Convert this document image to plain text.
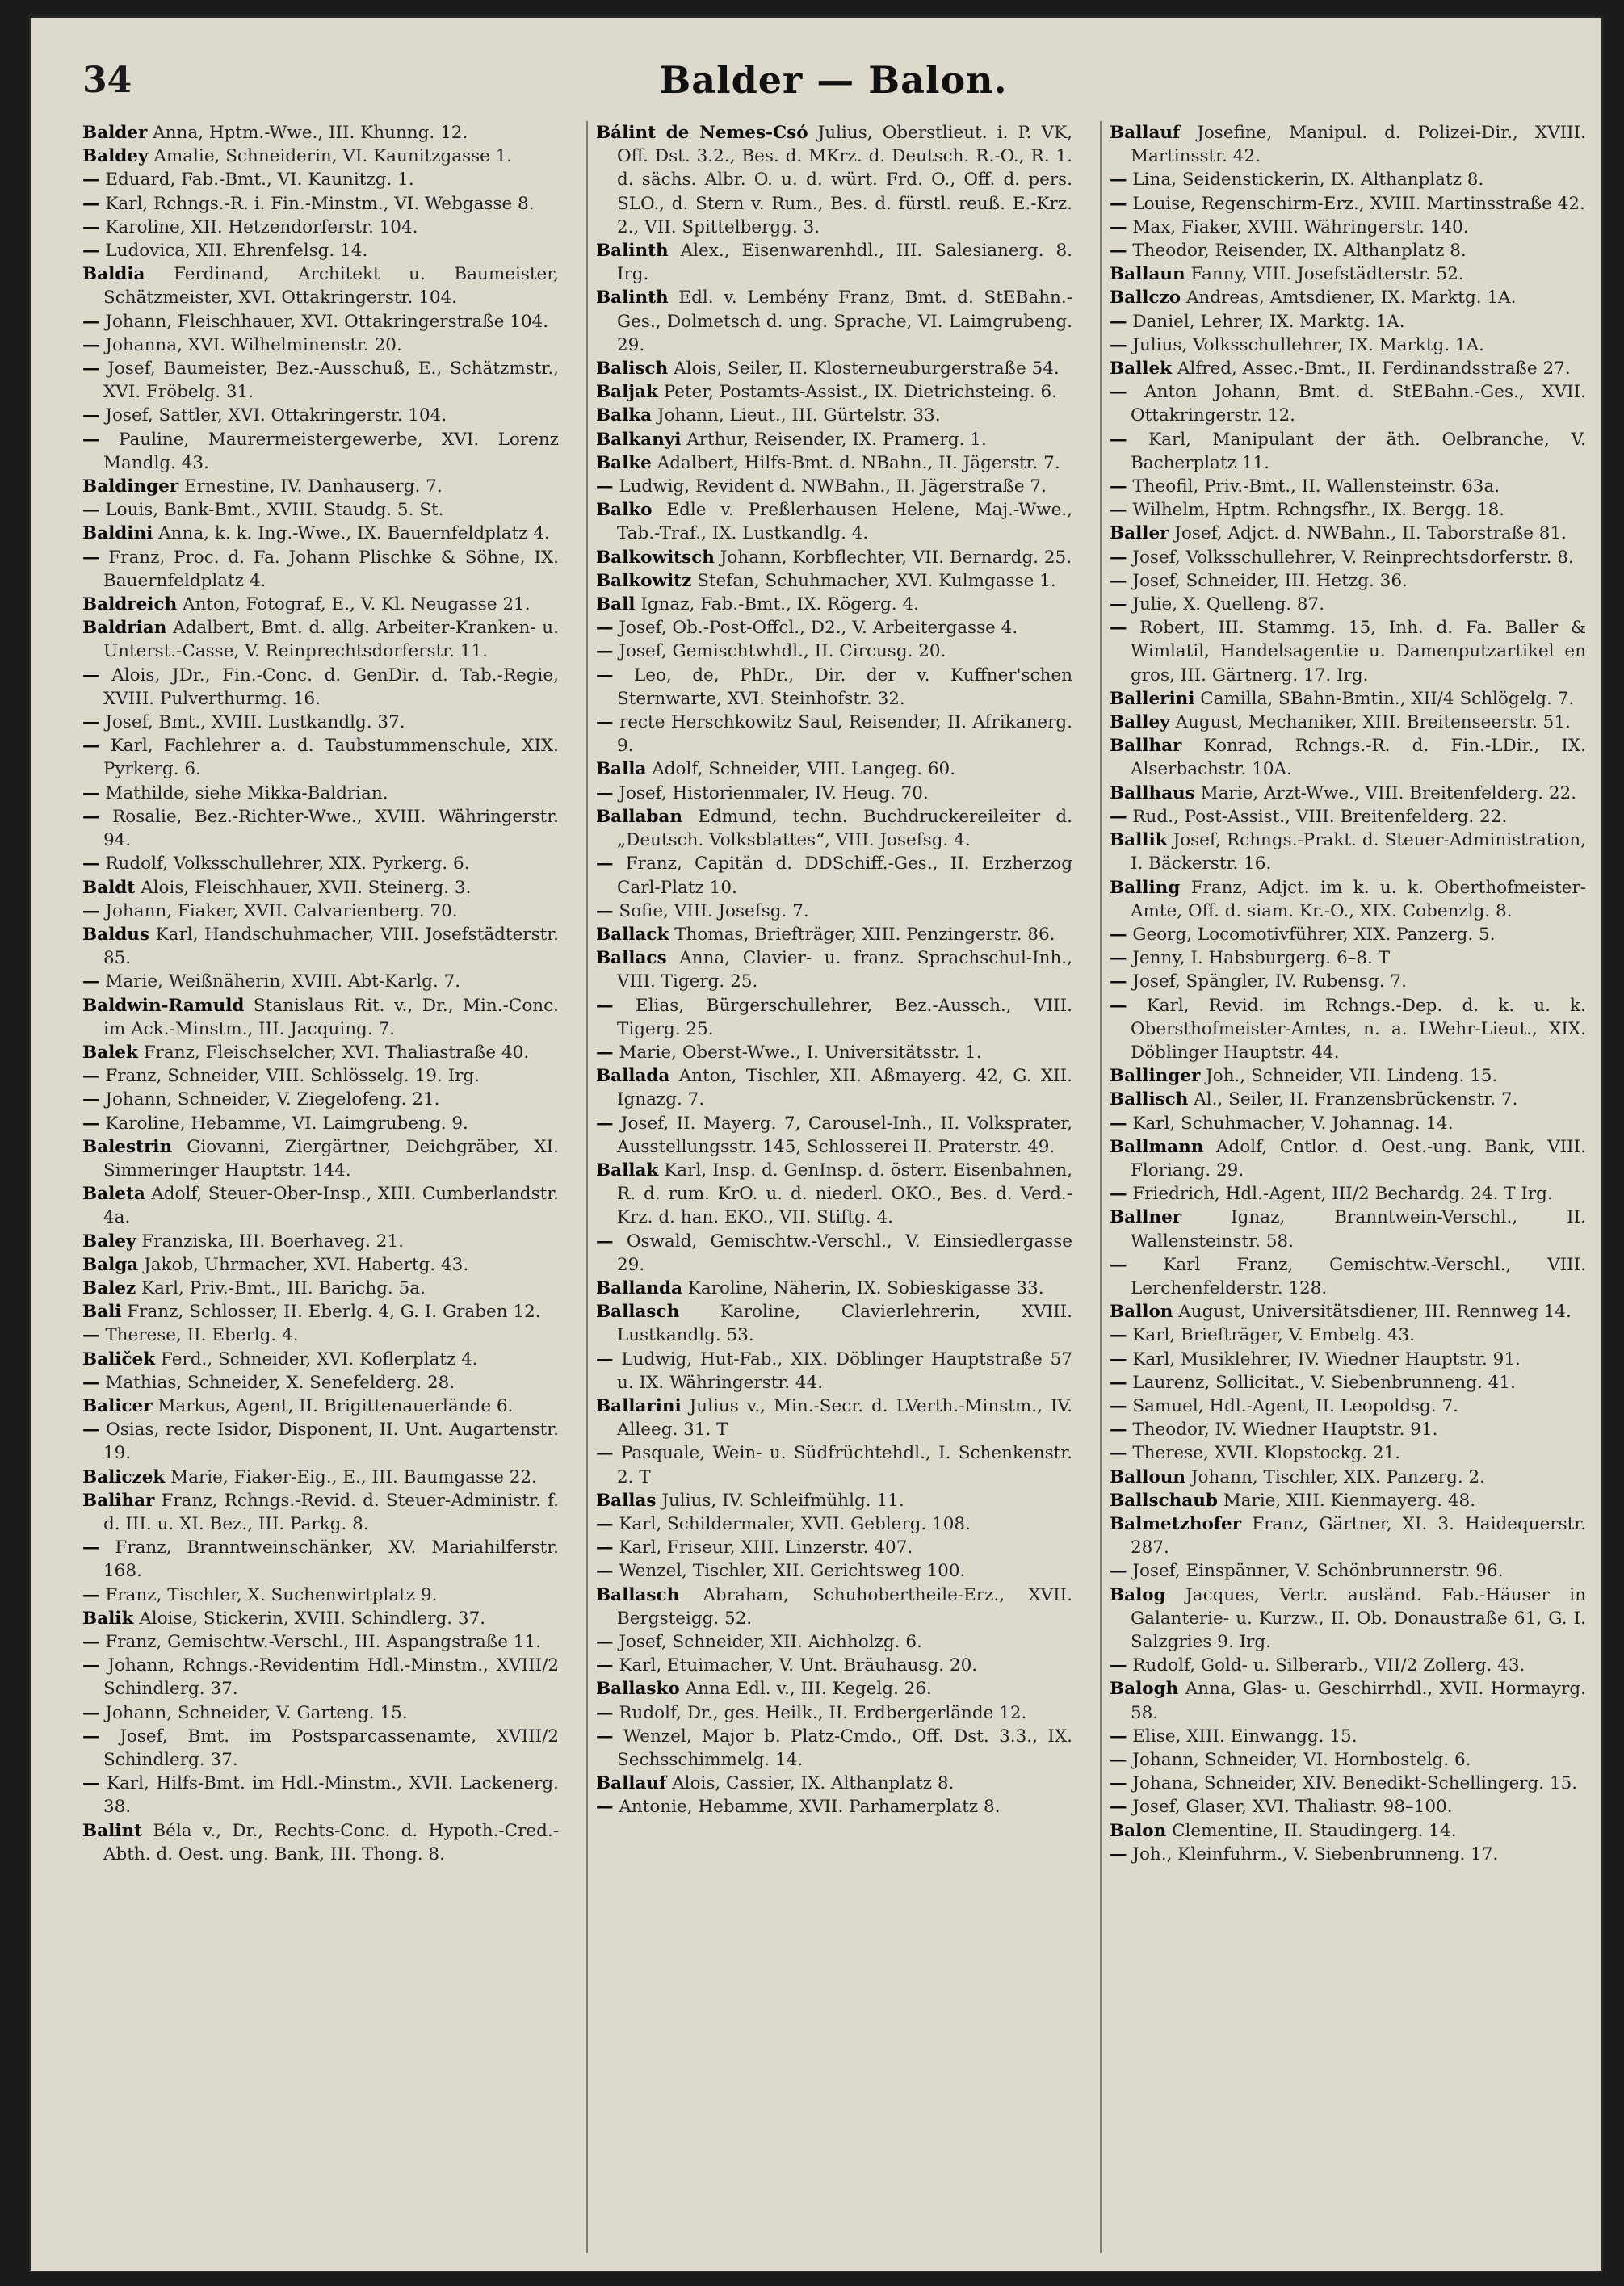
34	Balder — Balon.
Balder Anna, Hptm.-Wwe., III. Khunng. 12.
Baldey Amalie, Schneiderin, VI. Kaunitzgasse 1.
— Eduard, Fab.-Bmt., VI. Kaunitzg. 1.
— Karl, Rchngs.-R. i. Fin.-Minstm., VI. Webgasse 8.
— Karoline, XII. Hetzendorferstr. 104.
— Ludovica, XII. Ehrenfelsg. 14.
Baldia Ferdinand, Architekt u. Baumeister, Schätzmeister, XVI. Ottakringerstr. 104.
— Johann, Fleischhauer, XVI. Ottakringerstraße 104.
— Johanna, XVI. Wilhelminenstr. 20.
— Josef, Baumeister, Bez.-Ausschuß, E., Schätzmstr., XVI. Fröbelg. 31.
— Josef, Sattler, XVI. Ottakringerstr. 104.
— Pauline, Maurermeistergewerbe, XVI. Lorenz Mandlg. 43.
Baldinger Ernestine, IV. Danhauserg. 7.
— Louis, Bank-Bmt., XVIII. Staudg. 5. St.
Baldini Anna, k. k. Ing.-Wwe., IX. Bauernfeldplatz 4.
— Franz, Proc. d. Fa. Johann Plischke & Söhne, IX. Bauernfeldplatz 4.
Baldreich Anton, Fotograf, E., V. Kl. Neugasse 21.
Baldrian Adalbert, Bmt. d. allg. Arbeiter-Kranken- u. Unterst.-Casse, V. Reinprechtsdorferstr. 11.
— Alois, JDr., Fin.-Conc. d. GenDir. d. Tab.-Regie, XVIII. Pulverthurmg. 16.
— Josef, Bmt., XVIII. Lustkandlg. 37.
— Karl, Fachlehrer a. d. Taubstummenschule, XIX. Pyrkerg. 6.
— Mathilde, siehe Mikka-Baldrian.
— Rosalie, Bez.-Richter-Wwe., XVIII. Währingerstr. 94.
— Rudolf, Volksschullehrer, XIX. Pyrkerg. 6.
Baldt Alois, Fleischhauer, XVII. Steinerg. 3.
— Johann, Fiaker, XVII. Calvarienberg. 70.
Baldus Karl, Handschuhmacher, VIII. Josefstädterstr. 85.
— Marie, Weißnäherin, XVIII. Abt-Karlg. 7.
Baldwin-Ramuld Stanislaus Rit. v., Dr., Min.-Conc. im Ack.-Minstm., III. Jacquing. 7.
Balek Franz, Fleischselcher, XVI. Thaliastraße 40.
— Franz, Schneider, VIII. Schlösselg. 19. Irg.
— Johann, Schneider, V. Ziegelofeng. 21.
— Karoline, Hebamme, VI. Laimgrubeng. 9.
Balestrin Giovanni, Ziergärtner, Deichgräber, XI. Simmeringer Hauptstr. 144.
Baleta Adolf, Steuer-Ober-Insp., XIII. Cumberlandstr. 4a.
Baley Franziska, III. Boerhaveg. 21.
Balga Jakob, Uhrmacher, XVI. Habertg. 43.
Balez Karl, Priv.-Bmt., III. Barichg. 5a.
Bali Franz, Schlosser, II. Eberlg. 4, G. I. Graben 12.
— Therese, II. Eberlg. 4.
Baliček Ferd., Schneider, XVI. Koflerplatz 4.
— Mathias, Schneider, X. Senefelderg. 28.
Balicer Markus, Agent, II. Brigittenauerlände 6.
— Osias, recte Isidor, Disponent, II. Unt. Augartenstr. 19.
Baliczek Marie, Fiaker-Eig., E., III. Baumgasse 22.
Balihar Franz, Rchngs.-Revid. d. Steuer-Administr. f. d. III. u. XI. Bez., III. Parkg. 8.
— Franz, Branntweinschänker, XV. Mariahilferstr. 168.
— Franz, Tischler, X. Suchenwirtplatz 9.
Balik Aloise, Stickerin, XVIII. Schindlerg. 37.
— Franz, Gemischtw.-Verschl., III. Aspangstraße 11.
— Johann, Rchngs.-Revidentim Hdl.-Minstm., XVIII/2 Schindlerg. 37.
— Johann, Schneider, V. Garteng. 15.
— Josef, Bmt. im Postsparcassenamte, XVIII/2 Schindlerg. 37.
— Karl, Hilfs-Bmt. im Hdl.-Minstm., XVII. Lackenerg. 38.
Balint Béla v., Dr., Rechts-Conc. d. Hypoth.-Cred.-Abth. d. Oest. ung. Bank, III. Thong. 8.
Bálint de Nemes-Csó Julius, Oberstlieut. i. P. VK, Off. Dst. 3.2., Bes. d. MKrz. d. Deutsch. R.-O., R. 1. d. sächs. Albr. O. u. d. würt. Frd. O., Off. d. pers. SLO., d. Stern v. Rum., Bes. d. fürstl. reuß. E.-Krz. 2., VII. Spittelbergg. 3.
Balinth Alex., Eisenwarenhdl., III. Salesianerg. 8. Irg.
Balinth Edl. v. Lembény Franz, Bmt. d. StEBahn.-Ges., Dolmetsch d. ung. Sprache, VI. Laimgrubeng. 29.
Balisch Alois, Seiler, II. Klosterneuburgerstraße 54.
Baljak Peter, Postamts-Assist., IX. Dietrichsteing. 6.
Balka Johann, Lieut., III. Gürtelstr. 33.
Balkanyi Arthur, Reisender, IX. Pramerg. 1.
Balke Adalbert, Hilfs-Bmt. d. NBahn., II. Jägerstr. 7.
— Ludwig, Revident d. NWBahn., II. Jägerstraße 7.
Balko Edle v. Preßlerhausen Helene, Maj.-Wwe., Tab.-Traf., IX. Lustkandlg. 4.
Balkowitsch Johann, Korbflechter, VII. Bernardg. 25.
Balkowitz Stefan, Schuhmacher, XVI. Kulmgasse 1.
Ball Ignaz, Fab.-Bmt., IX. Rögerg. 4.
— Josef, Ob.-Post-Offcl., D2., V. Arbeitergasse 4.
— Josef, Gemischtwhdl., II. Circusg. 20.
— Leo, de, PhDr., Dir. der v. Kuffner'schen Sternwarte, XVI. Steinhofstr. 32.
— recte Herschkowitz Saul, Reisender, II. Afrikanerg. 9.
Balla Adolf, Schneider, VIII. Langeg. 60.
— Josef, Historienmaler, IV. Heug. 70.
Ballaban Edmund, techn. Buchdruckereileiter d. „Deutsch. Volksblattes“, VIII. Josefsg. 4.
— Franz, Capitän d. DDSchiff.-Ges., II. Erzherzog Carl-Platz 10.
— Sofie, VIII. Josefsg. 7.
Ballack Thomas, Briefträger, XIII. Penzingerstr. 86.
Ballacs Anna, Clavier- u. franz. Sprachschul-Inh., VIII. Tigerg. 25.
— Elias, Bürgerschullehrer, Bez.-Aussch., VIII. Tigerg. 25.
— Marie, Oberst-Wwe., I. Universitätsstr. 1.
Ballada Anton, Tischler, XII. Aßmayerg. 42, G. XII. Ignazg. 7.
— Josef, II. Mayerg. 7, Carousel-Inh., II. Volksprater, Ausstellungsstr. 145, Schlosserei II. Praterstr. 49.
Ballak Karl, Insp. d. GenInsp. d. österr. Eisenbahnen, R. d. rum. KrO. u. d. niederl. OKO., Bes. d. Verd.-Krz. d. han. EKO., VII. Stiftg. 4.
— Oswald, Gemischtw.-Verschl., V. Einsiedlergasse 29.
Ballanda Karoline, Näherin, IX. Sobieskigasse 33.
Ballasch Karoline, Clavierlehrerin, XVIII. Lustkandlg. 53.
— Ludwig, Hut-Fab., XIX. Döblinger Hauptstraße 57 u. IX. Währingerstr. 44.
Ballarini Julius v., Min.-Secr. d. LVerth.-Minstm., IV. Alleeg. 31. T
— Pasquale, Wein- u. Südfrüchtehdl., I. Schenkenstr. 2. T
Ballas Julius, IV. Schleifmühlg. 11.
— Karl, Schildermaler, XVII. Geblerg. 108.
— Karl, Friseur, XIII. Linzerstr. 407.
— Wenzel, Tischler, XII. Gerichtsweg 100.
Ballasch Abraham, Schuhobertheile-Erz., XVII. Bergsteigg. 52.
— Josef, Schneider, XII. Aichholzg. 6.
— Karl, Etuimacher, V. Unt. Bräuhausg. 20.
Ballasko Anna Edl. v., III. Kegelg. 26.
— Rudolf, Dr., ges. Heilk., II. Erdbergerlände 12.
— Wenzel, Major b. Platz-Cmdo., Off. Dst. 3.3., IX. Sechsschimmelg. 14.
Ballauf Alois, Cassier, IX. Althanplatz 8.
— Antonie, Hebamme, XVII. Parhamerplatz 8.
Ballauf Josefine, Manipul. d. Polizei-Dir., XVIII. Martinsstr. 42.
— Lina, Seidenstickerin, IX. Althanplatz 8.
— Louise, Regenschirm-Erz., XVIII. Martinsstraße 42.
— Max, Fiaker, XVIII. Währingerstr. 140.
— Theodor, Reisender, IX. Althanplatz 8.
Ballaun Fanny, VIII. Josefstädterstr. 52.
Ballczo Andreas, Amtsdiener, IX. Marktg. 1A.
— Daniel, Lehrer, IX. Marktg. 1A.
— Julius, Volksschullehrer, IX. Marktg. 1A.
Ballek Alfred, Assec.-Bmt., II. Ferdinandsstraße 27.
— Anton Johann, Bmt. d. StEBahn.-Ges., XVII. Ottakringerstr. 12.
— Karl, Manipulant der äth. Oelbranche, V. Bacherplatz 11.
— Theofil, Priv.-Bmt., II. Wallensteinstr. 63a.
— Wilhelm, Hptm. Rchngsfhr., IX. Bergg. 18.
Baller Josef, Adjct. d. NWBahn., II. Taborstraße 81.
— Josef, Volksschullehrer, V. Reinprechtsdorferstr. 8.
— Josef, Schneider, III. Hetzg. 36.
— Julie, X. Quelleng. 87.
— Robert, III. Stammg. 15, Inh. d. Fa. Baller & Wimlatil, Handelsagentie u. Damenputzartikel en gros, III. Gärtnerg. 17. Irg.
Ballerini Camilla, SBahn-Bmtin., XII/4 Schlögelg. 7.
Balley August, Mechaniker, XIII. Breitenseerstr. 51.
Ballhar Konrad, Rchngs.-R. d. Fin.-LDir., IX. Alserbachstr. 10A.
Ballhaus Marie, Arzt-Wwe., VIII. Breitenfelderg. 22.
— Rud., Post-Assist., VIII. Breitenfelderg. 22.
Ballik Josef, Rchngs.-Prakt. d. Steuer-Administration, I. Bäckerstr. 16.
Balling Franz, Adjct. im k. u. k. Oberthofmeister-Amte, Off. d. siam. Kr.-O., XIX. Cobenzlg. 8.
— Georg, Locomotivführer, XIX. Panzerg. 5.
— Jenny, I. Habsburgerg. 6–8. T
— Josef, Spängler, IV. Rubensg. 7.
— Karl, Revid. im Rchngs.-Dep. d. k. u. k. Obersthofmeister-Amtes, n. a. LWehr-Lieut., XIX. Döblinger Hauptstr. 44.
Ballinger Joh., Schneider, VII. Lindeng. 15.
Ballisch Al., Seiler, II. Franzensbrückenstr. 7.
— Karl, Schuhmacher, V. Johannag. 14.
Ballmann Adolf, Cntlor. d. Oest.-ung. Bank, VIII. Floriang. 29.
— Friedrich, Hdl.-Agent, III/2 Bechardg. 24. T Irg.
Ballner	Ignaz, Branntwein-Verschl., II. Wallensteinstr. 58.
— Karl Franz, Gemischtw.-Verschl., VIII. Lerchenfelderstr. 128.
Ballon August, Universitätsdiener, III. Rennweg 14.
— Karl, Briefträger, V. Embelg. 43.
— Karl, Musiklehrer, IV. Wiedner Hauptstr. 91.
— Laurenz, Sollicitat., V. Siebenbrunneng. 41.
— Samuel, Hdl.-Agent, II. Leopoldsg. 7.
— Theodor, IV. Wiedner Hauptstr. 91.
— Therese, XVII. Klopstockg. 21.
Balloun Johann, Tischler, XIX. Panzerg. 2.
Ballschaub Marie, XIII. Kienmayerg. 48.
Balmetzhofer Franz, Gärtner, XI. 3. Haidequerstr. 287.
— Josef, Einspänner, V. Schönbrunnerstr. 96.
Balog Jacques, Vertr. ausländ. Fab.-Häuser in Galanterie- u. Kurzw., II. Ob. Donaustraße 61, G. I. Salzgries 9. Irg.
— Rudolf, Gold- u. Silberarb., VII/2 Zollerg. 43.
Balogh Anna, Glas- u. Geschirrhdl., XVII. Hormayrg. 58.
— Elise, XIII. Einwangg. 15.
— Johann, Schneider, VI. Hornbostelg. 6.
— Johana, Schneider, XIV. Benedikt-Schellingerg. 15.
— Josef, Glaser, XVI. Thaliastr. 98–100.
Balon Clementine, II. Staudingerg. 14.
— Joh., Kleinfuhrm., V. Siebenbrunneng. 17.
